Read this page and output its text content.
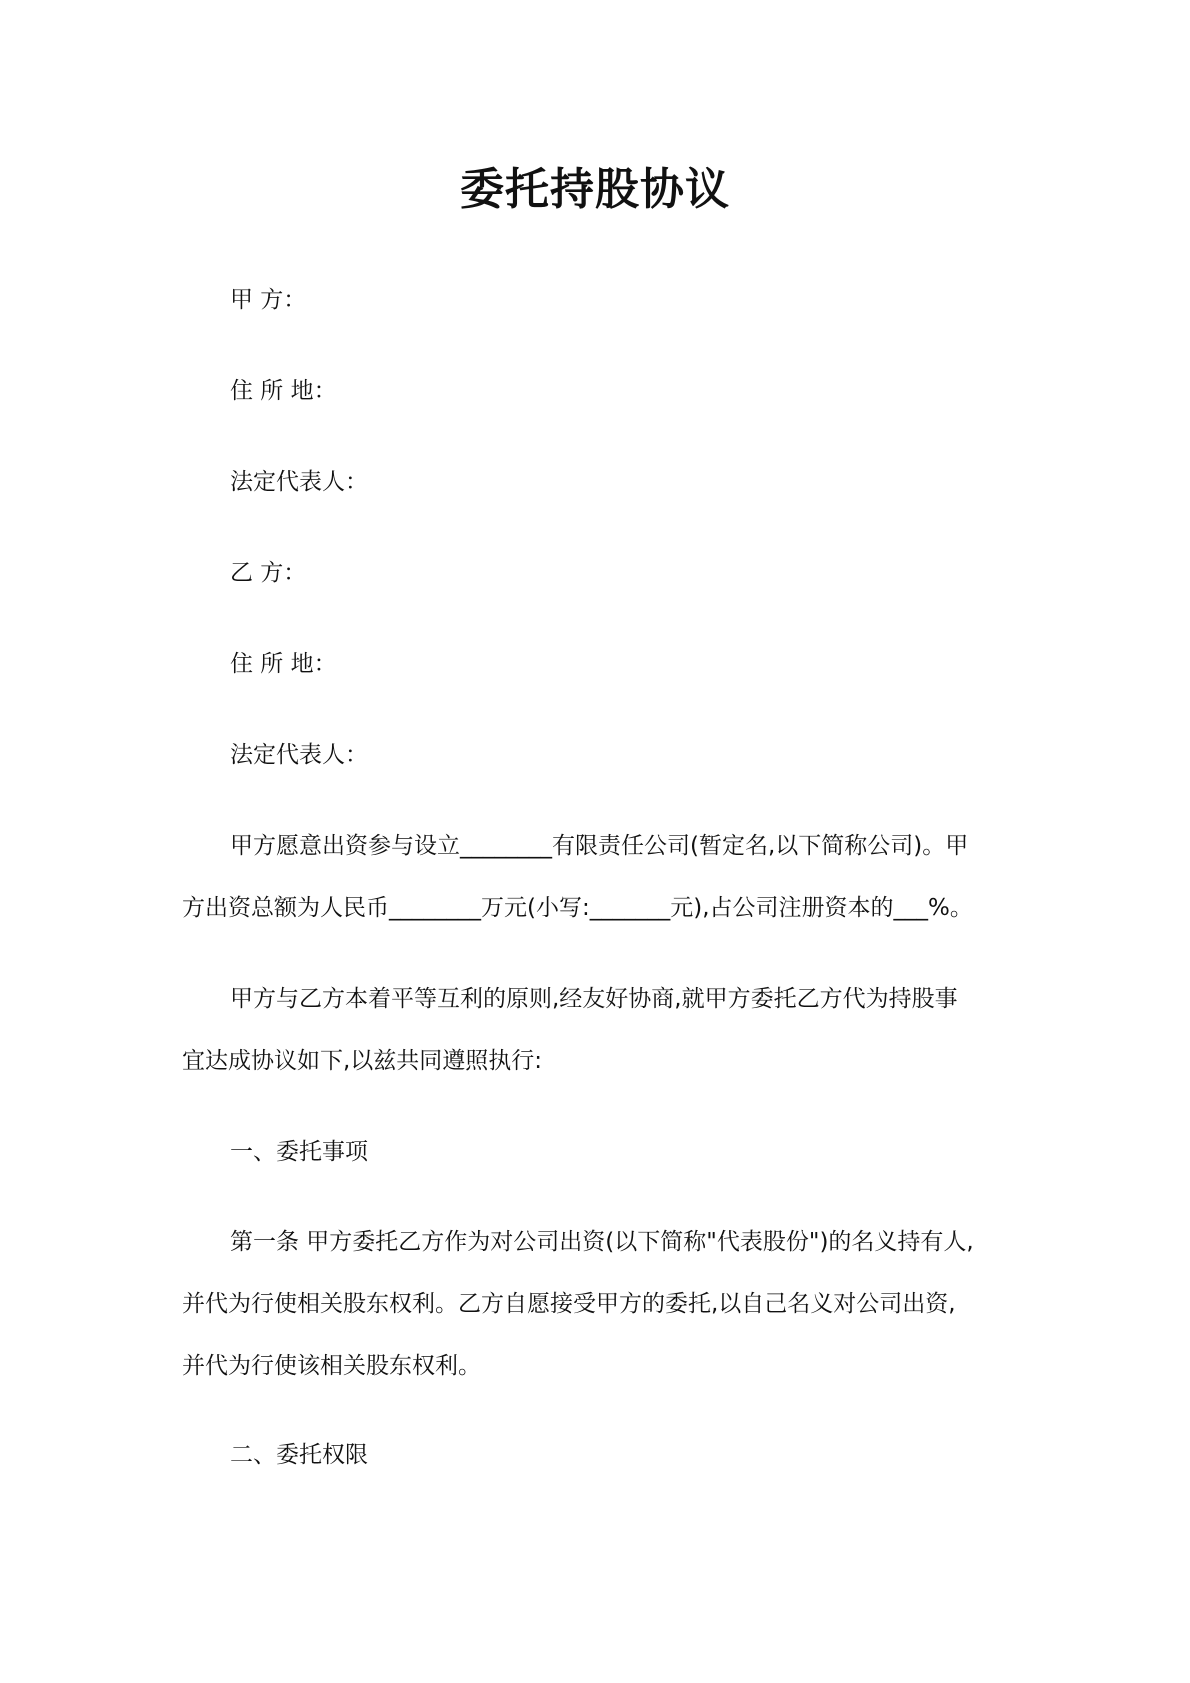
委托持股协议
甲 方：
住 所 地：
法定代表人：
乙 方：
住 所 地：
法定代表人：
甲方愿意出资参与设立________有限责任公司(暂定名,以下简称公司)。甲
方出资总额为人民币________万元(小写:_______元),占公司注册资本的___%。
甲方与乙方本着平等互利的原则,经友好协商,就甲方委托乙方代为持股事
宜达成协议如下,以兹共同遵照执行:
一、委托事项
第一条 甲方委托乙方作为对公司出资(以下简称"代表股份")的名义持有人,
并代为行使相关股东权利。乙方自愿接受甲方的委托,以自己名义对公司出资,
并代为行使该相关股东权利。
二、委托权限
